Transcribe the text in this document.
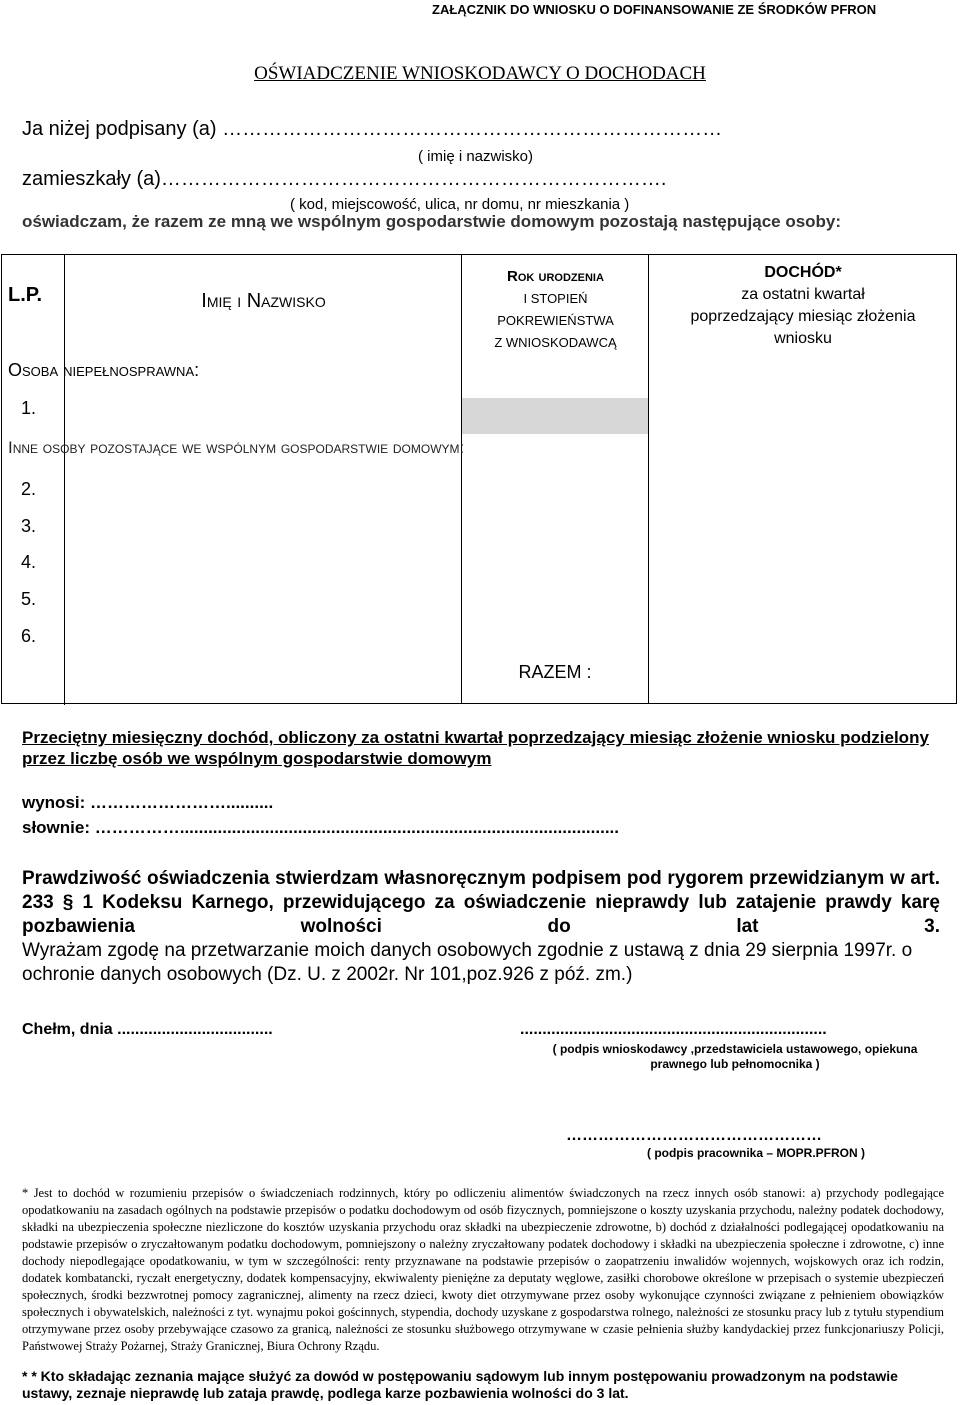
ZAŁĄCZNIK DO WNIOSKU O DOFINANSOWANIE ZE ŚRODKÓW PFRON
OŚWIADCZENIE WNIOSKODAWCY O DOCHODACH
Ja niżej podpisany (a) …………………………………………………………………
( imię i nazwisko)
zamieszkały (a)………………………………………………………………….
( kod, miejscowość, ulica, nr domu, nr mieszkania )
oświadczam, że razem ze mną we wspólnym gospodarstwie domowym pozostają następujące osoby:
L.P.	Imię i Nazwisko
Rok urodzenia
I STOPIEŃ
POKREWIEŃSTWA
Z WNIOSKODAWCĄ
DOCHÓD*
za ostatni kwartał
poprzedzający miesiąc złożenia
wniosku
Osoba niepełnosprawna:
Inne osoby pozostające we wspólnym gospodarstwie domowym:
1.
2.
3.
4.
5.
6.
RAZEM :
Przeciętny miesięczny dochód, obliczony za ostatni kwartał poprzedzający miesiąc złożenie wniosku podzielony przez liczbę osób we wspólnym gospodarstwie domowym
wynosi: ……………………..........
słownie: …………….............................................................................................
Prawdziwość oświadczenia stwierdzam własnoręcznym podpisem pod rygorem przewidzianym w art. 233 § 1 Kodeksu Karnego, przewidującego za oświadczenie nieprawdy lub zatajenie prawdy karę pozbawienia wolności do lat 3.
Wyrażam zgodę na przetwarzanie moich danych osobowych zgodnie z ustawą z dnia 29 sierpnia 1997r. o ochronie danych osobowych (Dz. U. z 2002r. Nr 101,poz.926 z póź. zm.)
Chełm, dnia ...................................	.....................................................................
( podpis wnioskodawcy ,przedstawiciela ustawowego, opiekuna prawnego lub pełnomocnika )
…………………………………………
( podpis pracownika – MOPR.PFRON )
* Jest to dochód w rozumieniu przepisów o świadczeniach rodzinnych, który po odliczeniu alimentów świadczonych na rzecz innych osób stanowi: a) przychody podlegające opodatkowaniu na zasadach ogólnych na podstawie przepisów o podatku dochodowym od osób fizycznych, pomniejszone o koszty uzyskania przychodu, należny podatek dochodowy, składki na ubezpieczenia społeczne niezliczone do kosztów uzyskania przychodu oraz składki na ubezpieczenie zdrowotne, b) dochód z działalności podlegającej opodatkowaniu na podstawie przepisów o zryczałtowanym podatku dochodowym, pomniejszony o należny zryczałtowany podatek dochodowy i składki na ubezpieczenia społeczne i zdrowotne, c) inne dochody niepodlegające opodatkowaniu, w tym w szczególności: renty przyznawane na podstawie przepisów o zaopatrzeniu inwalidów wojennych, wojskowych oraz ich rodzin, dodatek kombatancki, ryczałt energetyczny, dodatek kompensacyjny, ekwiwalenty pieniężne za deputaty węglowe, zasiłki chorobowe określone w przepisach o systemie ubezpieczeń społecznych, środki bezzwrotnej pomocy zagranicznej, alimenty na rzecz dzieci, kwoty diet otrzymywane przez osoby wykonujące czynności związane z pełnieniem obowiązków społecznych i obywatelskich, należności z tyt. wynajmu pokoi gościnnych, stypendia, dochody uzyskane z gospodarstwa rolnego, należności ze stosunku pracy lub z tytułu stypendium otrzymywane przez osoby przebywające czasowo za granicą, należności ze stosunku służbowego otrzymywane w czasie pełnienia służby kandydackiej przez funkcjonariuszy Policji, Państwowej Straży Pożarnej, Straży Granicznej, Biura Ochrony Rządu.
* * Kto składając zeznania mające służyć za dowód w postępowaniu sądowym lub innym postępowaniu prowadzonym na podstawie ustawy, zeznaje nieprawdę lub zataja prawdę, podlega karze pozbawienia wolności do 3 lat.
